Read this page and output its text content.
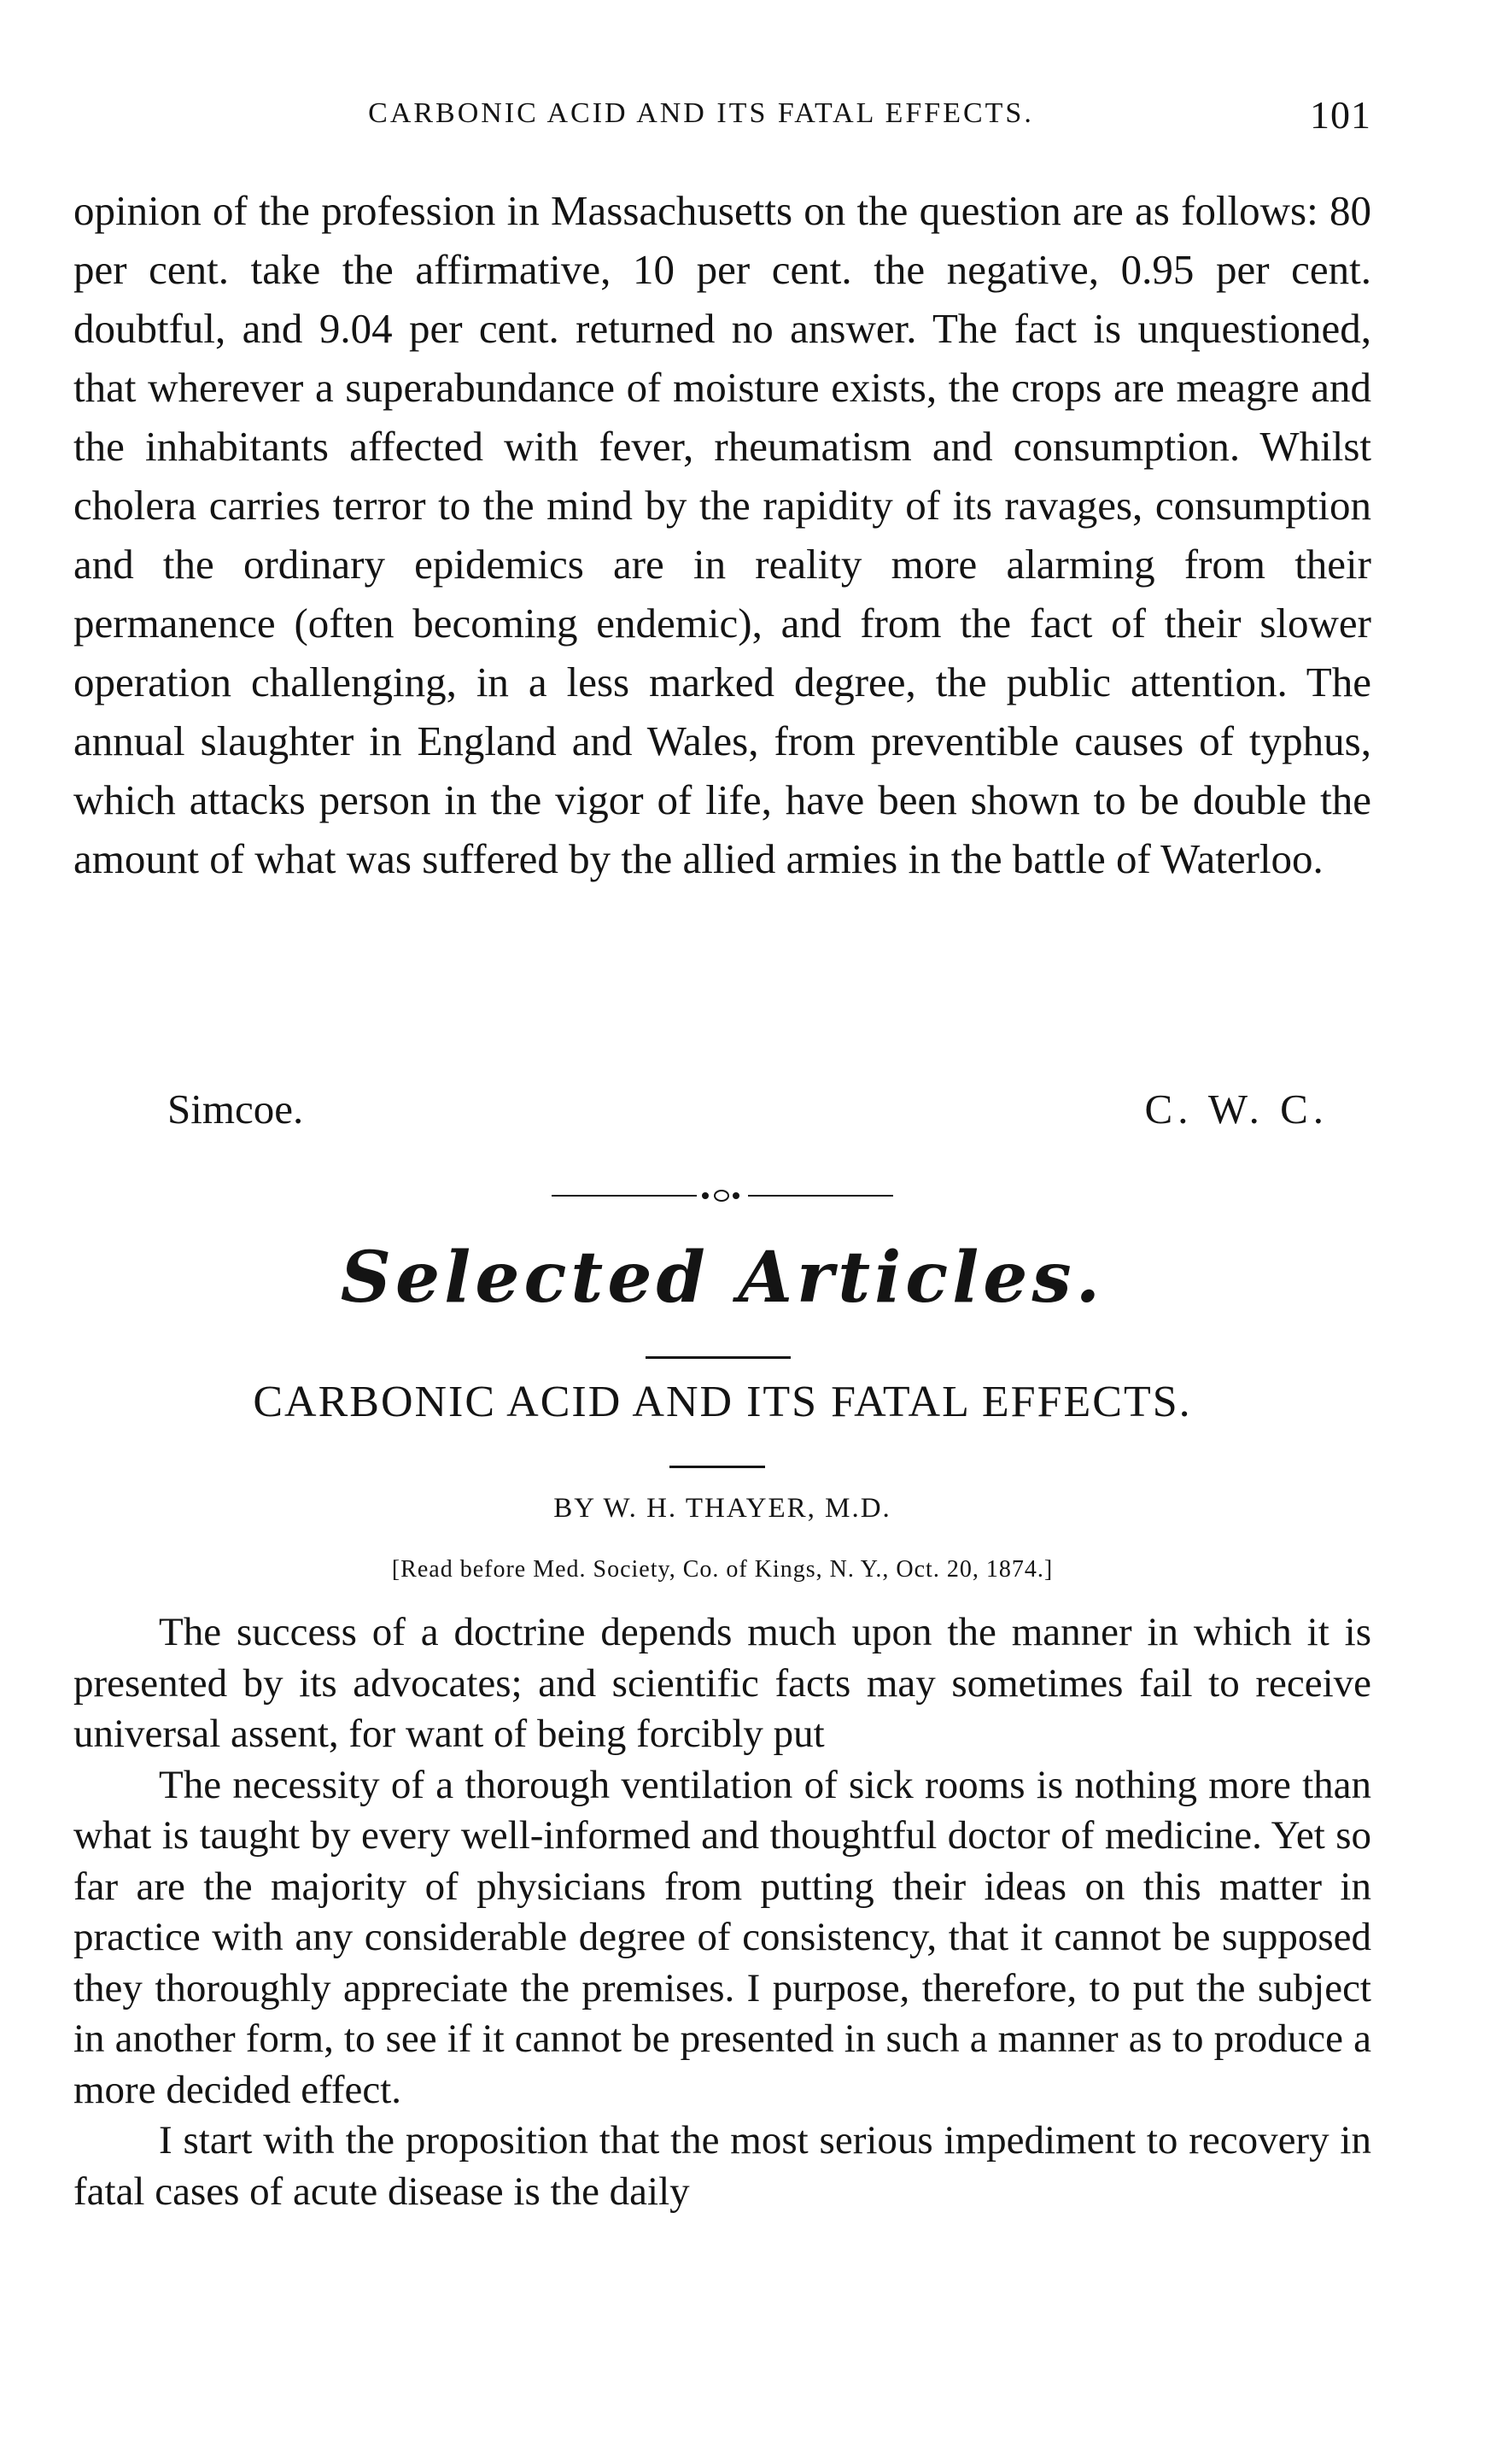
CARBONIC ACID AND ITS FATAL EFFECTS.	101

opinion of the profession in Massachusetts on the question are as follows: 80 per cent. take the affirmative, 10 per cent. the negative, 0.95 per cent. doubtful, and 9.04 per cent. returned no answer. The fact is unquestioned, that wherever a superabundance of moisture exists, the crops are meagre and the inhabitants affected with fever, rheumatism and consumption. Whilst cholera carries terror to the mind by the rapidity of its ravages, consumption and the ordinary epidemics are in reality more alarming from their permanence (often becoming endemic), and from the fact of their slower operation challenging, in a less marked degree, the public attention. The annual slaughter in England and Wales, from preventible causes of typhus, which attacks person in the vigor of life, have been shown to be double the amount of what was suffered by the allied armies in the battle of Waterloo.

Simcoe.	C. W. C.
Selected Articles.
CARBONIC ACID AND ITS FATAL EFFECTS.
BY W. H. THAYER, M.D.
[Read before Med. Society, Co. of Kings, N. Y., Oct. 20, 1874.]

The success of a doctrine depends much upon the manner in which it is presented by its advocates; and scientific facts may sometimes fail to receive universal assent, for want of being forcibly put

The necessity of a thorough ventilation of sick rooms is nothing more than what is taught by every well-informed and thoughtful doctor of medicine. Yet so far are the majority of physicians from putting their ideas on this matter in practice with any considerable degree of consistency, that it cannot be supposed they thoroughly appreciate the premises. I purpose, therefore, to put the subject in another form, to see if it cannot be presented in such a manner as to produce a more decided effect.

I start with the proposition that the most serious impediment to recovery in fatal cases of acute disease is the daily
